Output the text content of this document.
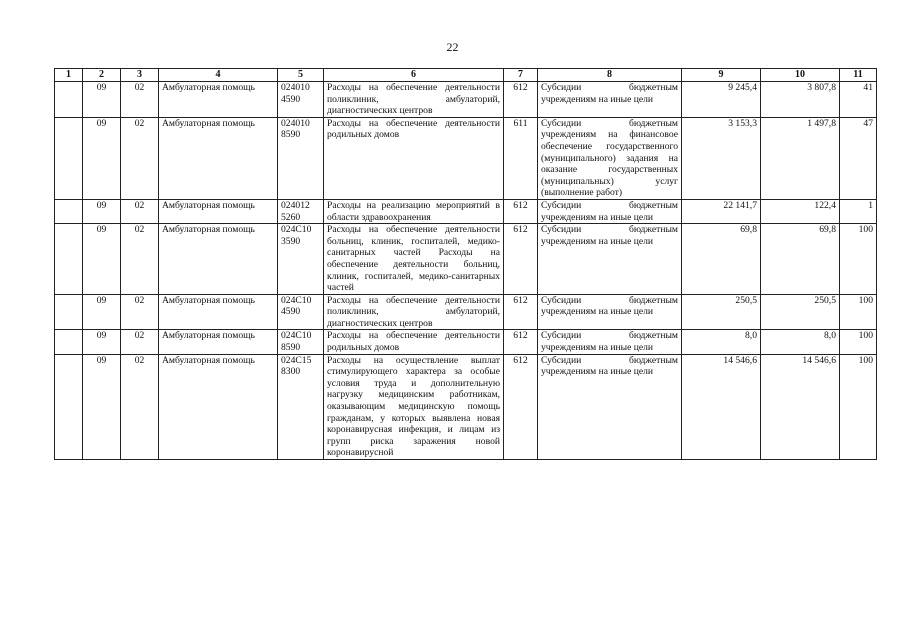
22
1	2	3	4	5	6	7	8	9	10	11
	09	02	Амбулаторная помощь	024010 4590	Расходы на обеспечение деятельности поликлиник, амбулаторий, диагностических центров	612	Субсидии бюджетным учреждениям на иные цели	9 245,4	3 807,8	41
	09	02	Амбулаторная помощь	024010 8590	Расходы на обеспечение деятельности родильных домов	611	Субсидии бюджетным учреждениям на финансовое обеспечение государственного (муниципального) задания на оказание государственных (муниципальных) услуг (выполнение работ)	3 153,3	1 497,8	47
	09	02	Амбулаторная помощь	024012 5260	Расходы на реализацию мероприятий в области здравоохранения	612	Субсидии бюджетным учреждениям на иные цели	22 141,7	122,4	1
	09	02	Амбулаторная помощь	024C10 3590	Расходы на обеспечение деятельности больниц, клиник, госпиталей, медико-санитарных частей Расходы на обеспечение деятельности больниц, клиник, госпиталей, медико-санитарных частей	612	Субсидии бюджетным учреждениям на иные цели	69,8	69,8	100
	09	02	Амбулаторная помощь	024C10 4590	Расходы на обеспечение деятельности поликлиник, амбулаторий, диагностических центров	612	Субсидии бюджетным учреждениям на иные цели	250,5	250,5	100
	09	02	Амбулаторная помощь	024C10 8590	Расходы на обеспечение деятельности родильных домов	612	Субсидии бюджетным учреждениям на иные цели	8,0	8,0	100
	09	02	Амбулаторная помощь	024C15 8300	Расходы на осуществление выплат стимулирующего характера за особые условия труда и дополнительную нагрузку медицинским работникам, оказывающим медицинскую помощь гражданам, у которых выявлена новая коронавирусная инфекция, и лицам из групп риска заражения новой коронавирусной	612	Субсидии бюджетным учреждениям на иные цели	14 546,6	14 546,6	100
